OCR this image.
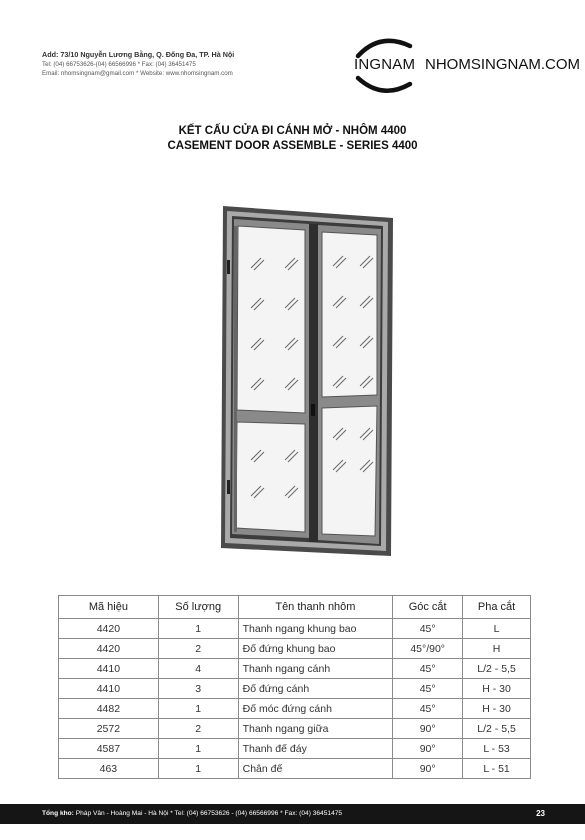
Add: 73/10 Nguyễn Lương Bằng, Q. Đống Đa, TP. Hà Nội
Tel: (04) 66753626-(04) 66566996 * Fax: (04) 36451475
Email: nhomsingnam@gmail.com * Website: www.nhomsingnam.com
INGNAM NHOMSINGNAM.COM
KẾT CẤU CỬA ĐI CÁNH MỞ - NHÔM 4400
CASEMENT DOOR ASSEMBLE - SERIES 4400
Mã hiệu	Số lượng	Tên thanh nhôm	Góc cắt	Pha cắt
4420	1	Thanh ngang khung bao	45°	L
4420	2	Đố đứng khung bao	45°/90°	H
4410	4	Thanh ngang cánh	45°	L/2 - 5,5
4410	3	Đố đứng cánh	45°	H - 30
4482	1	Đố móc đứng cánh	45°	H - 30
2572	2	Thanh ngang giữa	90°	L/2 - 5,5
4587	1	Thanh đế đáy	90°	L - 53
463	1	Chân đế	90°	L - 51
Tổng kho: Pháp Vân - Hoàng Mai - Hà Nội * Tel: (04) 66753626 - (04) 66566996 * Fax: (04) 36451475	23
